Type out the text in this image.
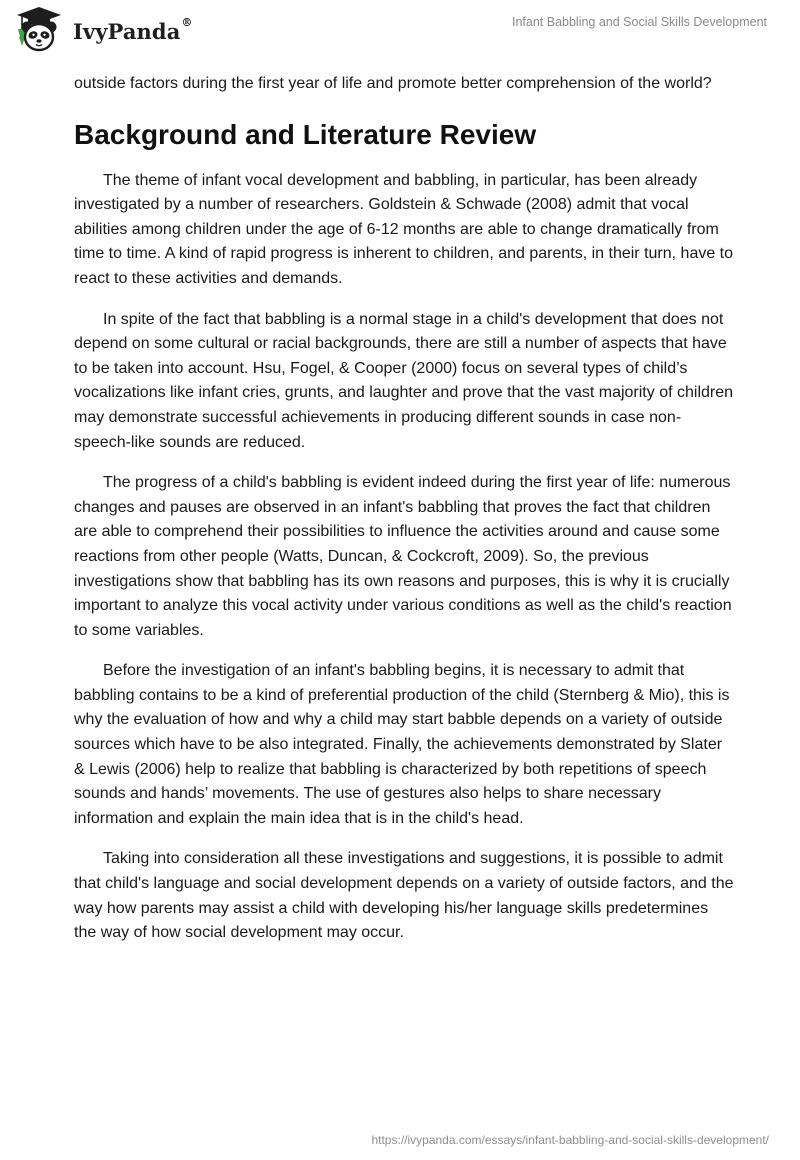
IvyPanda®	Infant Babbling and Social Skills Development

outside factors during the first year of life and promote better comprehension of the world?

Background and Literature Review

The theme of infant vocal development and babbling, in particular, has been already investigated by a number of researchers. Goldstein & Schwade (2008) admit that vocal abilities among children under the age of 6-12 months are able to change dramatically from time to time. A kind of rapid progress is inherent to children, and parents, in their turn, have to react to these activities and demands.

In spite of the fact that babbling is a normal stage in a child's development that does not depend on some cultural or racial backgrounds, there are still a number of aspects that have to be taken into account. Hsu, Fogel, & Cooper (2000) focus on several types of child’s vocalizations like infant cries, grunts, and laughter and prove that the vast majority of children may demonstrate successful achievements in producing different sounds in case non-speech-like sounds are reduced.

The progress of a child's babbling is evident indeed during the first year of life: numerous changes and pauses are observed in an infant's babbling that proves the fact that children are able to comprehend their possibilities to influence the activities around and cause some reactions from other people (Watts, Duncan, & Cockcroft, 2009). So, the previous investigations show that babbling has its own reasons and purposes, this is why it is crucially important to analyze this vocal activity under various conditions as well as the child's reaction to some variables.

Before the investigation of an infant's babbling begins, it is necessary to admit that babbling contains to be a kind of preferential production of the child (Sternberg & Mio), this is why the evaluation of how and why a child may start babble depends on a variety of outside sources which have to be also integrated. Finally, the achievements demonstrated by Slater & Lewis (2006) help to realize that babbling is characterized by both repetitions of speech sounds and hands’ movements. The use of gestures also helps to share necessary information and explain the main idea that is in the child's head.

Taking into consideration all these investigations and suggestions, it is possible to admit that child's language and social development depends on a variety of outside factors, and the way how parents may assist a child with developing his/her language skills predetermines the way of how social development may occur.

https://ivypanda.com/essays/infant-babbling-and-social-skills-development/
